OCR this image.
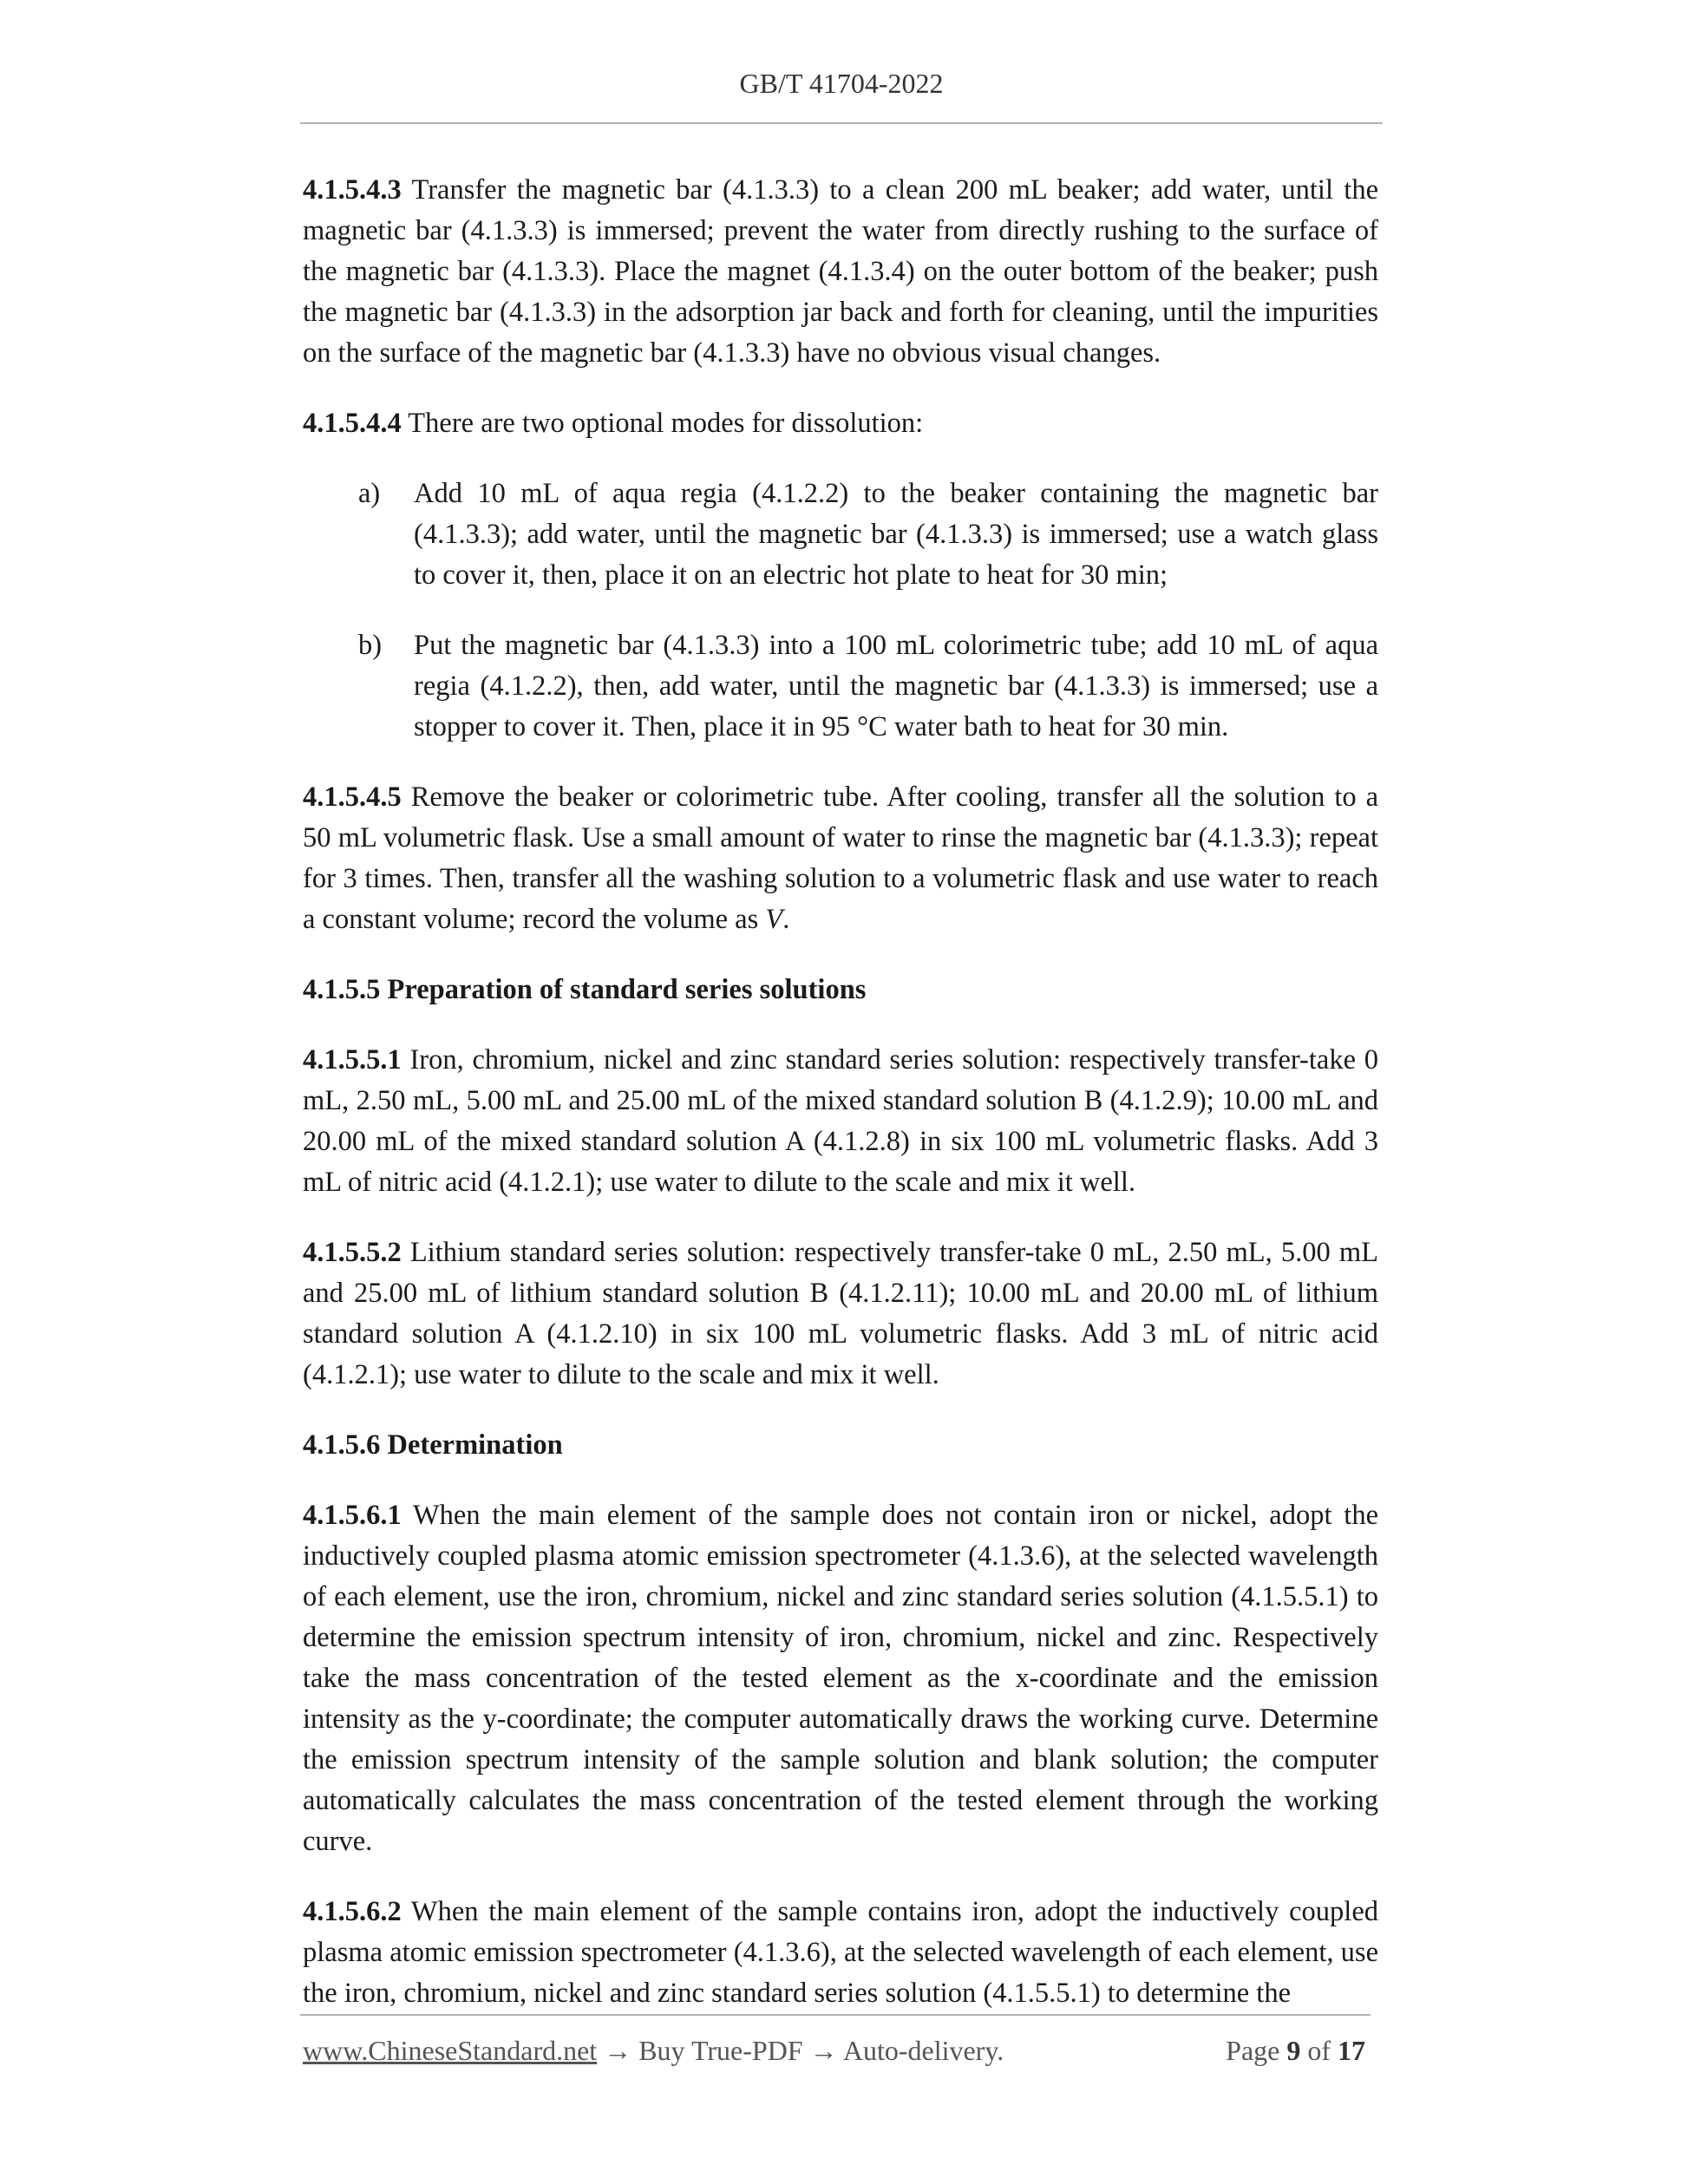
GB/T 41704-2022

4.1.5.4.3 Transfer the magnetic bar (4.1.3.3) to a clean 200 mL beaker; add water, until the magnetic bar (4.1.3.3) is immersed; prevent the water from directly rushing to the surface of the magnetic bar (4.1.3.3). Place the magnet (4.1.3.4) on the outer bottom of the beaker; push the magnetic bar (4.1.3.3) in the adsorption jar back and forth for cleaning, until the impurities on the surface of the magnetic bar (4.1.3.3) have no obvious visual changes.

4.1.5.4.4 There are two optional modes for dissolution:

a)	Add 10 mL of aqua regia (4.1.2.2) to the beaker containing the magnetic bar (4.1.3.3); add water, until the magnetic bar (4.1.3.3) is immersed; use a watch glass to cover it, then, place it on an electric hot plate to heat for 30 min;
b)	Put the magnetic bar (4.1.3.3) into a 100 mL colorimetric tube; add 10 mL of aqua regia (4.1.2.2), then, add water, until the magnetic bar (4.1.3.3) is immersed; use a stopper to cover it. Then, place it in 95 °C water bath to heat for 30 min.

4.1.5.4.5 Remove the beaker or colorimetric tube. After cooling, transfer all the solution to a 50 mL volumetric flask. Use a small amount of water to rinse the magnetic bar (4.1.3.3); repeat for 3 times. Then, transfer all the washing solution to a volumetric flask and use water to reach a constant volume; record the volume as V.

4.1.5.5 Preparation of standard series solutions

4.1.5.5.1 Iron, chromium, nickel and zinc standard series solution: respectively transfer-take 0 mL, 2.50 mL, 5.00 mL and 25.00 mL of the mixed standard solution B (4.1.2.9); 10.00 mL and 20.00 mL of the mixed standard solution A (4.1.2.8) in six 100 mL volumetric flasks. Add 3 mL of nitric acid (4.1.2.1); use water to dilute to the scale and mix it well.

4.1.5.5.2 Lithium standard series solution: respectively transfer-take 0 mL, 2.50 mL, 5.00 mL and 25.00 mL of lithium standard solution B (4.1.2.11); 10.00 mL and 20.00 mL of lithium standard solution A (4.1.2.10) in six 100 mL volumetric flasks. Add 3 mL of nitric acid (4.1.2.1); use water to dilute to the scale and mix it well.

4.1.5.6 Determination

4.1.5.6.1 When the main element of the sample does not contain iron or nickel, adopt the inductively coupled plasma atomic emission spectrometer (4.1.3.6), at the selected wavelength of each element, use the iron, chromium, nickel and zinc standard series solution (4.1.5.5.1) to determine the emission spectrum intensity of iron, chromium, nickel and zinc. Respectively take the mass concentration of the tested element as the x-coordinate and the emission intensity as the y-coordinate; the computer automatically draws the working curve. Determine the emission spectrum intensity of the sample solution and blank solution; the computer automatically calculates the mass concentration of the tested element through the working curve.

4.1.5.6.2 When the main element of the sample contains iron, adopt the inductively coupled plasma atomic emission spectrometer (4.1.3.6), at the selected wavelength of each element, use the iron, chromium, nickel and zinc standard series solution (4.1.5.5.1) to determine the

www.ChineseStandard.net → Buy True-PDF → Auto-delivery.	Page 9 of 17
